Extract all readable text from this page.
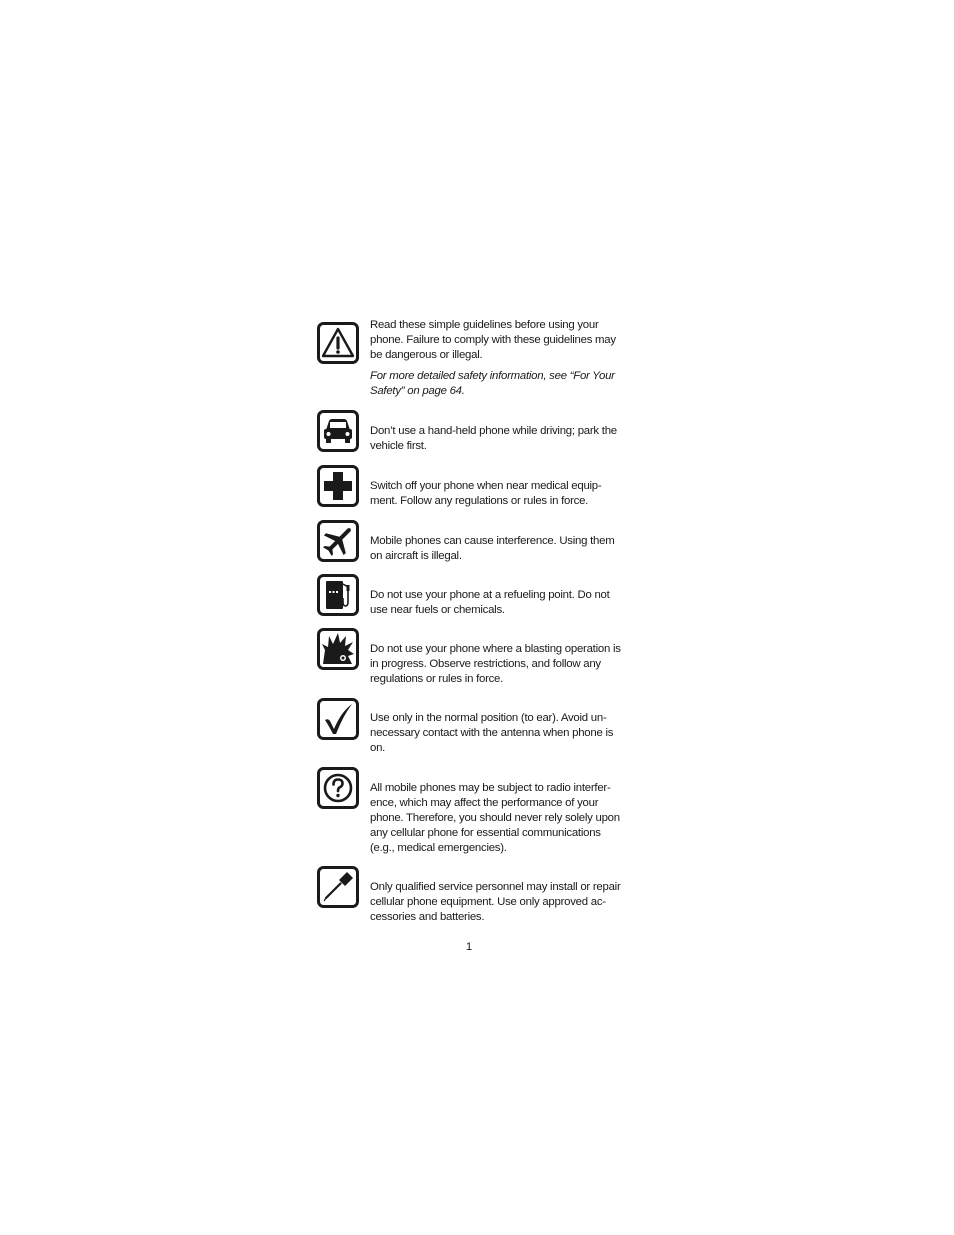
Read these simple guidelines before using your phone. Failure to comply with these guidelines may be dangerous or illegal.

For more detailed safety information, see “For Your Safety” on page 64.

Don’t use a hand-held phone while driving; park the vehicle first.

Switch off your phone when near medical equip-ment. Follow any regulations or rules in force.

Mobile phones can cause interference. Using them on aircraft is illegal.

Do not use your phone at a refueling point. Do not use near fuels or chemicals.

Do not use your phone where a blasting operation is in progress. Observe restrictions, and follow any regulations or rules in force.

Use only in the normal position (to ear). Avoid un-necessary contact with the antenna when phone is on.

All mobile phones may be subject to radio interfer-ence, which may affect the performance of your phone. Therefore, you should never rely solely upon any cellular phone for essential communications (e.g., medical emergencies).

Only qualified service personnel may install or repair cellular phone equipment. Use only approved ac-cessories and batteries.

1
